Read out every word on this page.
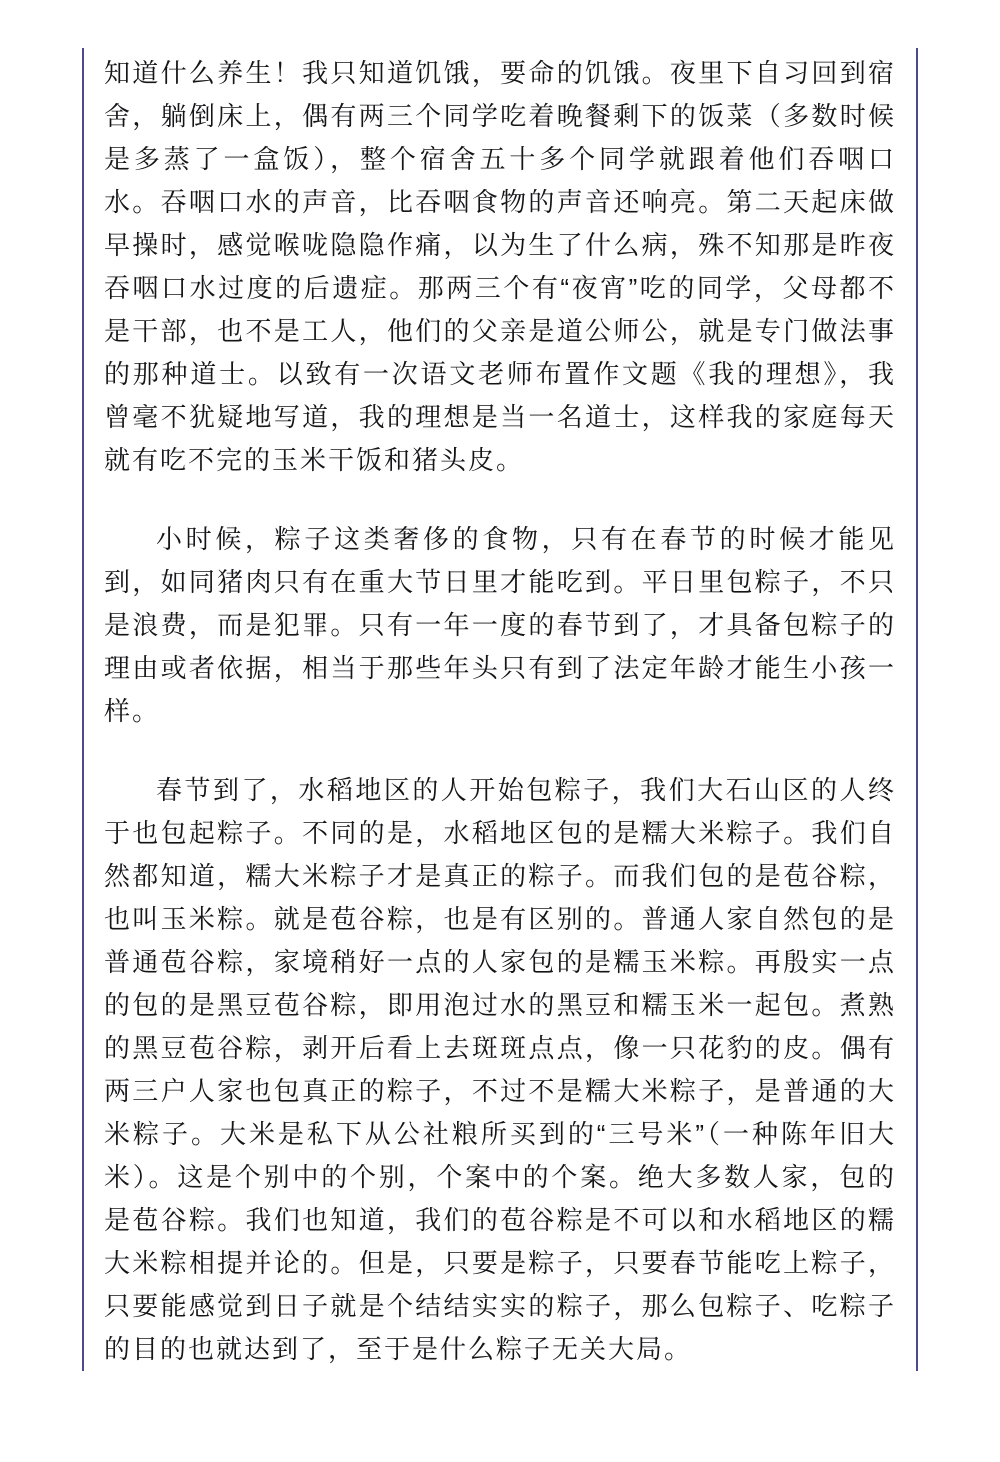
知道什么养生！我只知道饥饿，要命的饥饿。夜里下自习回到宿舍，躺倒床上，偶有两三个同学吃着晚餐剩下的饭菜（多数时候是多蒸了一盒饭），整个宿舍五十多个同学就跟着他们吞咽口水。吞咽口水的声音，比吞咽食物的声音还响亮。第二天起床做早操时，感觉喉咙隐隐作痛，以为生了什么病，殊不知那是昨夜吞咽口水过度的后遗症。那两三个有“夜宵”吃的同学，父母都不是干部，也不是工人，他们的父亲是道公师公，就是专门做法事的那种道士。以致有一次语文老师布置作文题《我的理想》，我曾毫不犹疑地写道，我的理想是当一名道士，这样我的家庭每天就有吃不完的玉米干饭和猪头皮。

小时候，粽子这类奢侈的食物，只有在春节的时候才能见到，如同猪肉只有在重大节日里才能吃到。平日里包粽子，不只是浪费，而是犯罪。只有一年一度的春节到了，才具备包粽子的理由或者依据，相当于那些年头只有到了法定年龄才能生小孩一样。

春节到了，水稻地区的人开始包粽子，我们大石山区的人终于也包起粽子。不同的是，水稻地区包的是糯大米粽子。我们自然都知道，糯大米粽子才是真正的粽子。而我们包的是苞谷粽，也叫玉米粽。就是苞谷粽，也是有区别的。普通人家自然包的是普通苞谷粽，家境稍好一点的人家包的是糯玉米粽。再殷实一点的包的是黑豆苞谷粽，即用泡过水的黑豆和糯玉米一起包。煮熟的黑豆苞谷粽，剥开后看上去斑斑点点，像一只花豹的皮。偶有两三户人家也包真正的粽子，不过不是糯大米粽子，是普通的大米粽子。大米是私下从公社粮所买到的“三号米”（一种陈年旧大米）。这是个别中的个别，个案中的个案。绝大多数人家，包的是苞谷粽。我们也知道，我们的苞谷粽是不可以和水稻地区的糯大米粽相提并论的。但是，只要是粽子，只要春节能吃上粽子，只要能感觉到日子就是个结结实实的粽子，那么包粽子、吃粽子的目的也就达到了，至于是什么粽子无关大局。
